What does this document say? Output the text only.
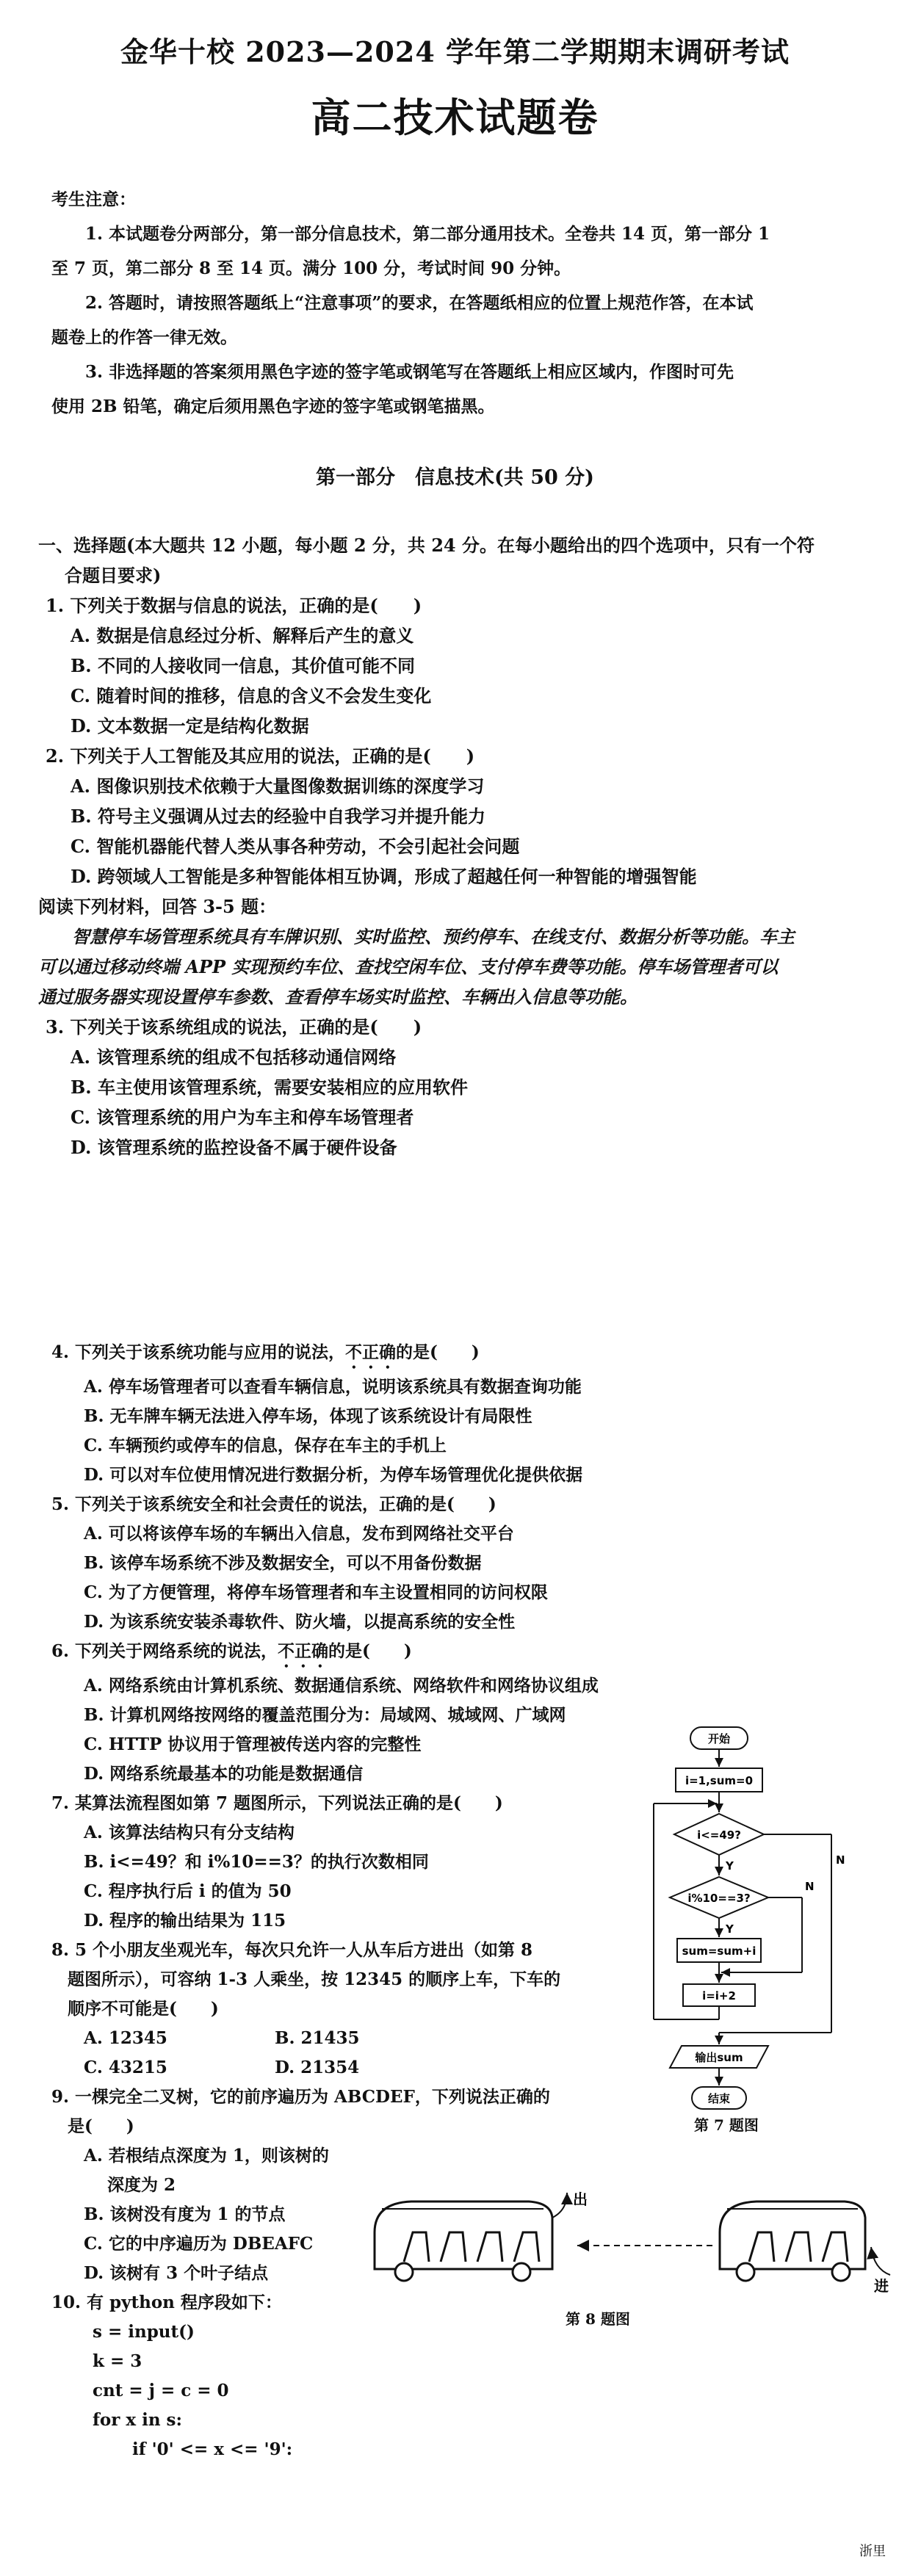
金华十校 2023—2024 学年第二学期期末调研考试
高二技术试题卷

考生注意：

1. 本试题卷分两部分，第一部分信息技术，第二部分通用技术。全卷共 14 页，第一部分 1

至 7 页，第二部分 8 至 14 页。满分 100 分，考试时间 90 分钟。

2. 答题时，请按照答题纸上“注意事项”的要求，在答题纸相应的位置上规范作答，在本试

题卷上的作答一律无效。

3. 非选择题的答案须用黑色字迹的签字笔或钢笔写在答题纸上相应区域内，作图时可先

使用 2B 铅笔，确定后须用黑色字迹的签字笔或钢笔描黑。

第一部分　信息技术(共 50 分)

一、选择题(本大题共 12 小题，每小题 2 分，共 24 分。在每小题给出的四个选项中，只有一个符

合题目要求)

1. 下列关于数据与信息的说法，正确的是(　　)

A. 数据是信息经过分析、解释后产生的意义

B. 不同的人接收同一信息，其价值可能不同

C. 随着时间的推移，信息的含义不会发生变化

D. 文本数据一定是结构化数据

2. 下列关于人工智能及其应用的说法，正确的是(　　)

A. 图像识别技术依赖于大量图像数据训练的深度学习

B. 符号主义强调从过去的经验中自我学习并提升能力

C. 智能机器能代替人类从事各种劳动，不会引起社会问题

D. 跨领域人工智能是多种智能体相互协调，形成了超越任何一种智能的增强智能

阅读下列材料，回答 3-5 题：

智慧停车场管理系统具有车牌识别、实时监控、预约停车、在线支付、数据分析等功能。车主

可以通过移动终端 APP 实现预约车位、查找空闲车位、支付停车费等功能。停车场管理者可以

通过服务器实现设置停车参数、查看停车场实时监控、车辆出入信息等功能。

3. 下列关于该系统组成的说法，正确的是(　　)

A. 该管理系统的组成不包括移动通信网络

B. 车主使用该管理系统，需要安装相应的应用软件

C. 该管理系统的用户为车主和停车场管理者

D. 该管理系统的监控设备不属于硬件设备

4. 下列关于该系统功能与应用的说法，不正确的是(　　)

A. 停车场管理者可以查看车辆信息，说明该系统具有数据查询功能

B. 无车牌车辆无法进入停车场，体现了该系统设计有局限性

C. 车辆预约或停车的信息，保存在车主的手机上

D. 可以对车位使用情况进行数据分析，为停车场管理优化提供依据

5. 下列关于该系统安全和社会责任的说法，正确的是(　　)

A. 可以将该停车场的车辆出入信息，发布到网络社交平台

B. 该停车场系统不涉及数据安全，可以不用备份数据

C. 为了方便管理，将停车场管理者和车主设置相同的访问权限

D. 为该系统安装杀毒软件、防火墙，以提高系统的安全性

6. 下列关于网络系统的说法，不正确的是(　　)

A. 网络系统由计算机系统、数据通信系统、网络软件和网络协议组成

B. 计算机网络按网络的覆盖范围分为：局域网、城域网、广域网

C. HTTP 协议用于管理被传送内容的完整性

D. 网络系统最基本的功能是数据通信

7. 某算法流程图如第 7 题图所示，下列说法正确的是(　　)

A. 该算法结构只有分支结构

B. i<=49？和 i%10==3？的执行次数相同

C. 程序执行后 i 的值为 50

D. 程序的输出结果为 115

8. 5 个小朋友坐观光车，每次只允许一人从车后方进出（如第 8

题图所示），可容纳 1-3 人乘坐，按 12345 的顺序上车，下车的

顺序不可能是(　　)

A. 12345	B. 21435
C. 43215	D. 21354

9. 一棵完全二叉树，它的前序遍历为 ABCDEF，下列说法正确的

是(　　)

A. 若根结点深度为 1，则该树的

深度为 2

B. 该树没有度为 1 的节点

C. 它的中序遍历为 DBEAFC

D. 该树有 3 个叶子结点

10. 有 python 程序段如下：

s = input()

k = 3

cnt = j = c = 0

for x in s:

if '0' <= x <= '9':

开始
i=1,sum=0
i<=49?
Y
i%10==3?
Y
sum=sum+i
i=i+2
N
N
输出sum
结束
第 7 题图
出
进
第 8 题图
浙里
